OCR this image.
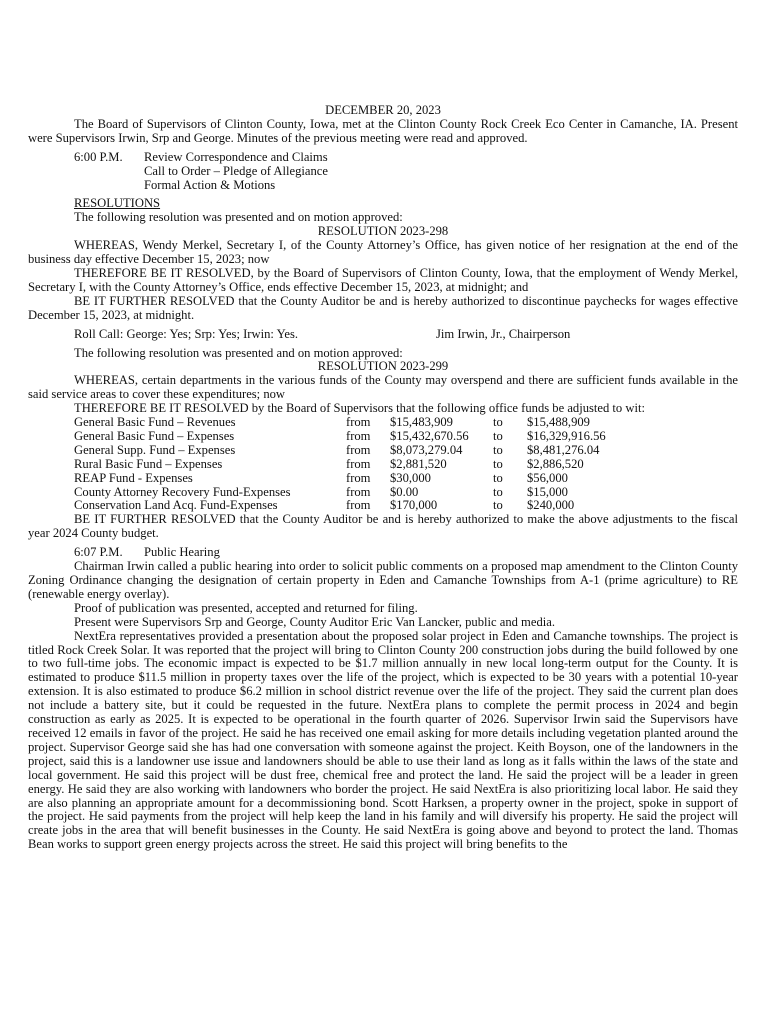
DECEMBER 20, 2023

The Board of Supervisors of Clinton County, Iowa, met at the Clinton County Rock Creek Eco Center in Camanche, IA. Present were Supervisors Irwin, Srp and George. Minutes of the previous meeting were read and approved.

6:00 P.M.	Review Correspondence and Claims
Call to Order – Pledge of Allegiance
Formal Action & Motions

RESOLUTIONS

The following resolution was presented and on motion approved:

RESOLUTION 2023-298

WHEREAS, Wendy Merkel, Secretary I, of the County Attorney’s Office, has given notice of her resignation at the end of the business day effective December 15, 2023; now

THEREFORE BE IT RESOLVED, by the Board of Supervisors of Clinton County, Iowa, that the employment of Wendy Merkel, Secretary I, with the County Attorney’s Office, ends effective December 15, 2023, at midnight; and

BE IT FURTHER RESOLVED that the County Auditor be and is hereby authorized to discontinue paychecks for wages effective December 15, 2023, at midnight.

Roll Call: George: Yes; Srp: Yes; Irwin: Yes.	Jim Irwin, Jr., Chairperson

The following resolution was presented and on motion approved:

RESOLUTION 2023-299

WHEREAS, certain departments in the various funds of the County may overspend and there are sufficient funds available in the said service areas to cover these expenditures; now

THEREFORE BE IT RESOLVED by the Board of Supervisors that the following office funds be adjusted to wit:

General Basic Fund – Revenues	from	$15,483,909	to	$15,488,909
General Basic Fund – Expenses	from	$15,432,670.56	to	$16,329,916.56
General Supp. Fund – Expenses	from	$8,073,279.04	to	$8,481,276.04
Rural Basic Fund – Expenses	from	$2,881,520	to	$2,886,520
REAP Fund - Expenses	from	$30,000	to	$56,000
County Attorney Recovery Fund-Expenses	from	$0.00	to	$15,000
Conservation Land Acq. Fund-Expenses	from	$170,000	to	$240,000

BE IT FURTHER RESOLVED that the County Auditor be and is hereby authorized to make the above adjustments to the fiscal year 2024 County budget.

6:07 P.M.	Public Hearing

Chairman Irwin called a public hearing into order to solicit public comments on a proposed map amendment to the Clinton County Zoning Ordinance changing the designation of certain property in Eden and Camanche Townships from A-1 (prime agriculture) to RE (renewable energy overlay).

Proof of publication was presented, accepted and returned for filing.

Present were Supervisors Srp and George, County Auditor Eric Van Lancker, public and media.

NextEra representatives provided a presentation about the proposed solar project in Eden and Camanche townships. The project is titled Rock Creek Solar. It was reported that the project will bring to Clinton County 200 construction jobs during the build followed by one to two full-time jobs. The economic impact is expected to be $1.7 million annually in new local long-term output for the County. It is estimated to produce $11.5 million in property taxes over the life of the project, which is expected to be 30 years with a potential 10-year extension. It is also estimated to produce $6.2 million in school district revenue over the life of the project. They said the current plan does not include a battery site, but it could be requested in the future. NextEra plans to complete the permit process in 2024 and begin construction as early as 2025. It is expected to be operational in the fourth quarter of 2026. Supervisor Irwin said the Supervisors have received 12 emails in favor of the project. He said he has received one email asking for more details including vegetation planted around the project. Supervisor George said she has had one conversation with someone against the project. Keith Boyson, one of the landowners in the project, said this is a landowner use issue and landowners should be able to use their land as long as it falls within the laws of the state and local government. He said this project will be dust free, chemical free and protect the land. He said the project will be a leader in green energy. He said they are also working with landowners who border the project. He said NextEra is also prioritizing local labor. He said they are also planning an appropriate amount for a decommissioning bond. Scott Harksen, a property owner in the project, spoke in support of the project. He said payments from the project will help keep the land in his family and will diversify his property. He said the project will create jobs in the area that will benefit businesses in the County. He said NextEra is going above and beyond to protect the land. Thomas Bean works to support green energy projects across the street. He said this project will bring benefits to the
